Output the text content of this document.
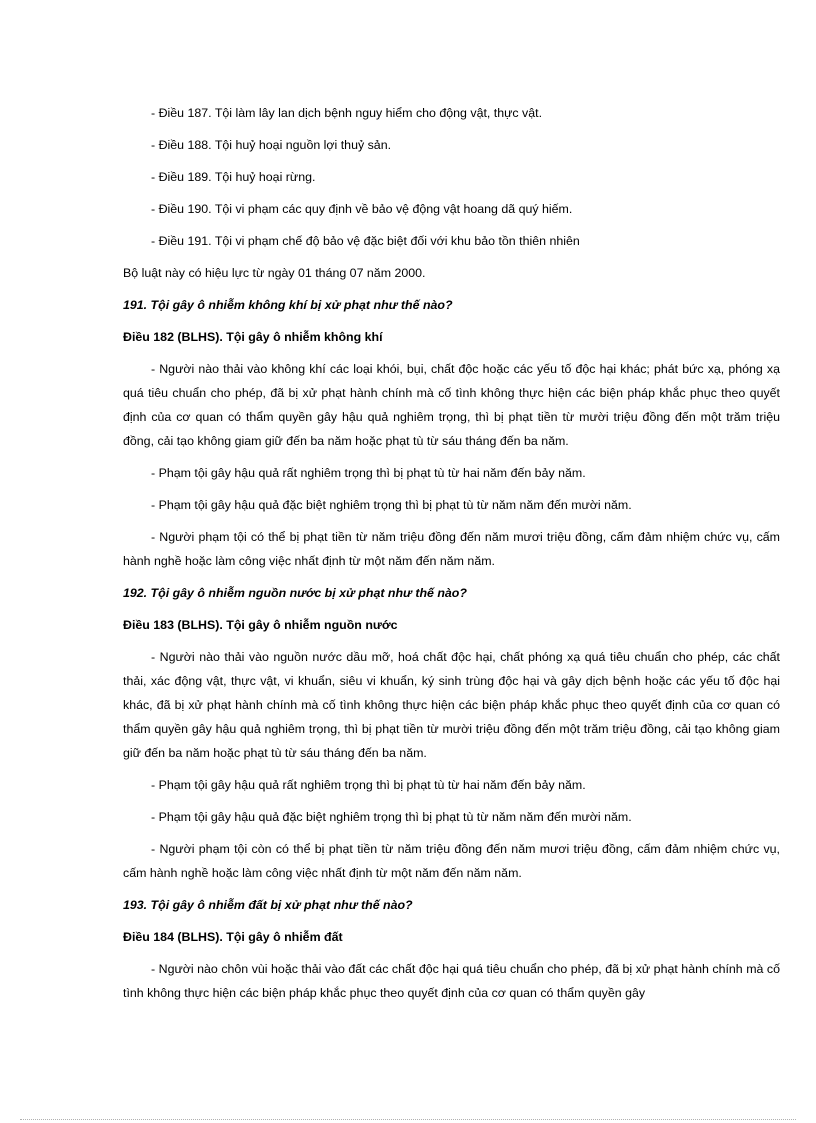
- Điều 187. Tội làm lây lan dịch bệnh nguy hiểm cho động vật, thực vật.

- Điều 188. Tội huỷ hoại nguồn lợi thuỷ sản.

- Điều 189. Tội huỷ hoại rừng.

- Điều 190. Tội vi phạm các quy định về bảo vệ động vật hoang dã quý hiếm.

- Điều 191. Tội vi phạm chế độ bảo vệ đặc biệt đối với khu bảo tồn thiên nhiên

Bộ luật này có hiệu lực từ ngày 01 tháng 07 năm 2000.

191. Tội gây ô nhiễm không khí bị xử phạt như thế nào?

Điều 182 (BLHS). Tội gây ô nhiễm không khí

- Người nào thải vào không khí các loại khói, bụi, chất độc hoặc các yếu tố độc hại khác; phát bức xạ, phóng xạ quá tiêu chuẩn cho phép, đã bị xử phạt hành chính mà cố tình không thực hiện các biện pháp khắc phục theo quyết định của cơ quan có thẩm quyền gây hậu quả nghiêm trọng, thì bị phạt tiền từ mười triệu đồng đến một trăm triệu đồng, cải tạo không giam giữ đến ba năm hoặc phạt tù từ sáu tháng đến ba năm.

- Phạm tội gây hậu quả rất nghiêm trọng thì bị phạt tù từ hai năm đến bảy năm.

- Phạm tội gây hậu quả đặc biệt nghiêm trọng thì bị phạt tù từ năm năm đến mười năm.

- Người phạm tội có thể bị phạt tiền từ năm triệu đồng đến năm mươi triệu đồng, cấm đảm nhiệm chức vụ, cấm hành nghề hoặc làm công việc nhất định từ một năm đến năm năm.

192. Tội gây ô nhiễm nguồn nước bị xử phạt như thế nào?

Điều 183 (BLHS). Tội gây ô nhiễm nguồn nước

- Người nào thải vào nguồn nước dầu mỡ, hoá chất độc hại, chất phóng xạ quá tiêu chuẩn cho phép, các chất thải, xác động vật, thực vật, vi khuẩn, siêu vi khuẩn, ký sinh trùng độc hại và gây dịch bệnh hoặc các yếu tố độc hại khác, đã bị xử phạt hành chính mà cố tình không thực hiện các biện pháp khắc phục theo quyết định của cơ quan có thẩm quyền gây hậu quả nghiêm trọng, thì bị phạt tiền từ mười triệu đồng đến một trăm triệu đồng, cải tạo không giam giữ đến ba năm hoặc phạt tù từ sáu tháng đến ba năm.

- Phạm tội gây hậu quả rất nghiêm trọng thì bị phạt tù từ hai năm đến bảy năm.

- Phạm tội gây hậu quả đặc biệt nghiêm trọng thì bị phạt tù từ năm năm đến mười năm.

- Người phạm tội còn có thể bị phạt tiền từ năm triệu đồng đến năm mươi triệu đồng, cấm đảm nhiệm chức vụ, cấm hành nghề hoặc làm công việc nhất định từ một năm đến năm năm.

193. Tội gây ô nhiễm đất bị xử phạt như thế nào?

Điều 184 (BLHS). Tội gây ô nhiễm đất

- Người nào chôn vùi hoặc thải vào đất các chất độc hại quá tiêu chuẩn cho phép, đã bị xử phạt hành chính mà cố tình không thực hiện các biện pháp khắc phục theo quyết định của cơ quan có thẩm quyền gây
